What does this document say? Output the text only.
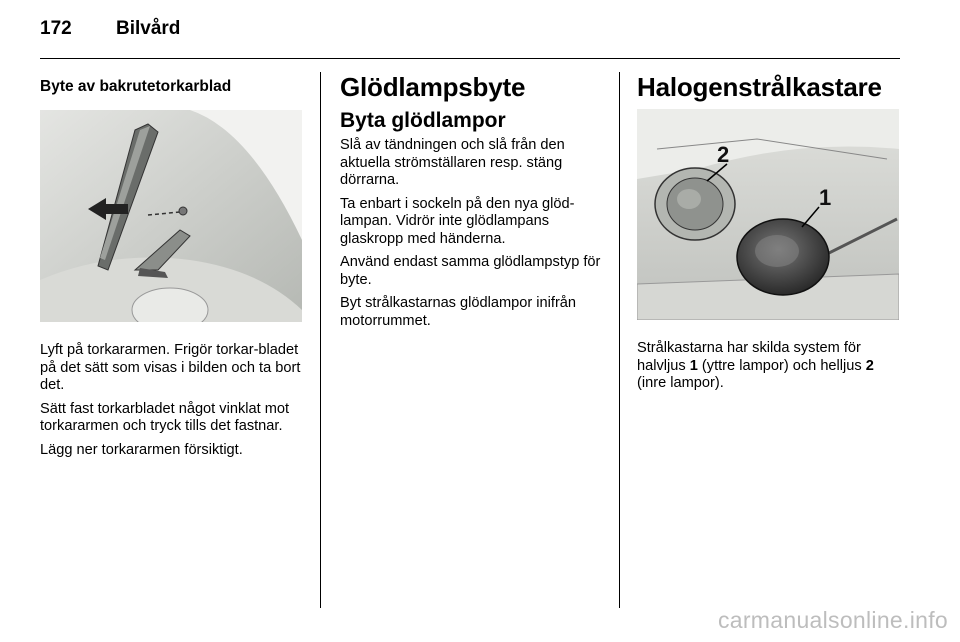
172 Bilvård
Byte av bakrutetorkarblad

Lyft på torkararmen. Frigör torkar-bladet på det sätt som visas i bilden och ta bort det.

Sätt fast torkarbladet något vinklat mot torkararmen och tryck tills det fastnar.

Lägg ner torkararmen försiktigt.

Glödlampsbyte
Byta glödlampor

Slå av tändningen och slå från den aktuella strömställaren resp. stäng dörrarna.

Ta enbart i sockeln på den nya glöd-lampan. Vidrör inte glödlampans glaskropp med händerna.

Använd endast samma glödlampstyp för byte.

Byt strålkastarnas glödlampor inifrån motorrummet.

Halogenstrålkastare
2
1

Strålkastarna har skilda system för halvljus 1 (yttre lampor) och helljus 2 (inre lampor).

carmanualsonline.info
